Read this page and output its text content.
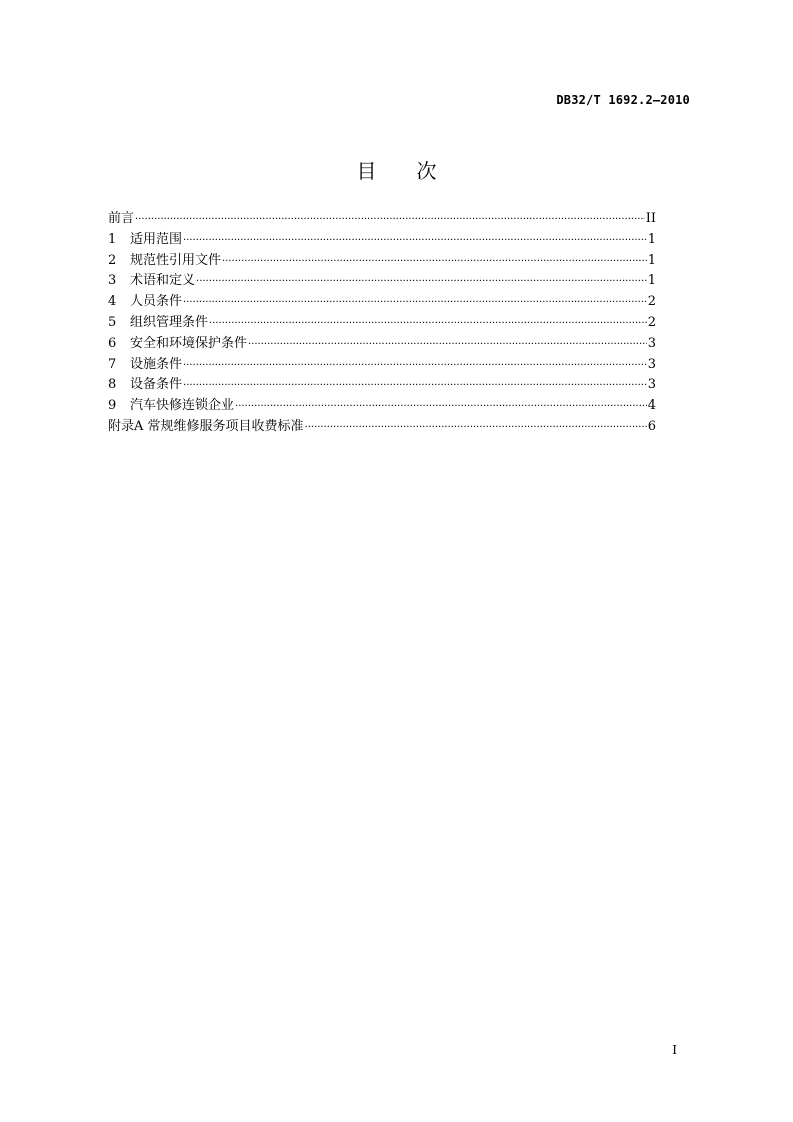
DB32/T 1692.2—2010
目次
前言 ·····	II
1	适用范围 ·····	1
2	规范性引用文件 ·····	1
3	术语和定义 ·····	1
4	人员条件 ·····	2
5	组织管理条件 ·····	2
6	安全和环境保护条件 ·····	3
7	设施条件 ·····	3
8	设备条件 ·····	3
9	汽车快修连锁企业 ·····	4
附录A 常规维修服务项目收费标准 ·····	6
I
